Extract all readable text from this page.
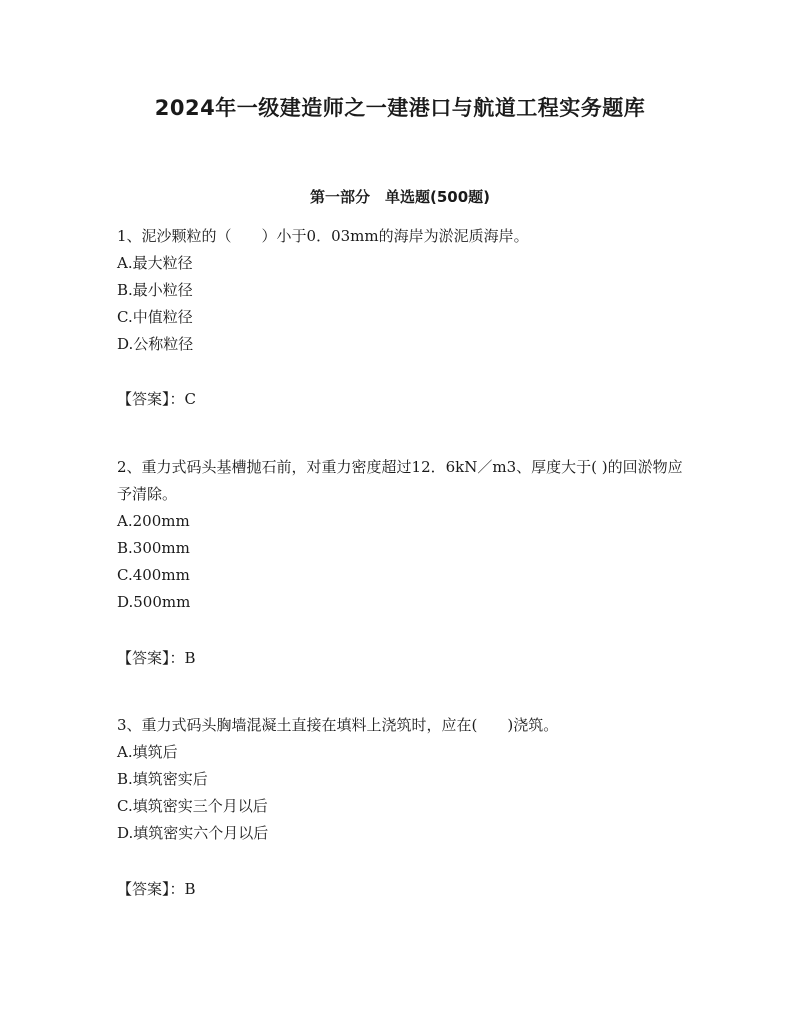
2024年一级建造师之一建港口与航道工程实务题库
第一部分　单选题(500题)

1、泥沙颗粒的（　　）小于0．03mm的海岸为淤泥质海岸。

A.最大粒径

B.最小粒径

C.中值粒径

D.公称粒径

【答案】：C

2、重力式码头基槽抛石前，对重力密度超过12．6kN／m3、厚度大于( )的回淤物应予清除。

A.200mm

B.300mm

C.400mm

D.500mm

【答案】：B

3、重力式码头胸墙混凝土直接在填料上浇筑时，应在(　　)浇筑。

A.填筑后

B.填筑密实后

C.填筑密实三个月以后

D.填筑密实六个月以后

【答案】：B
